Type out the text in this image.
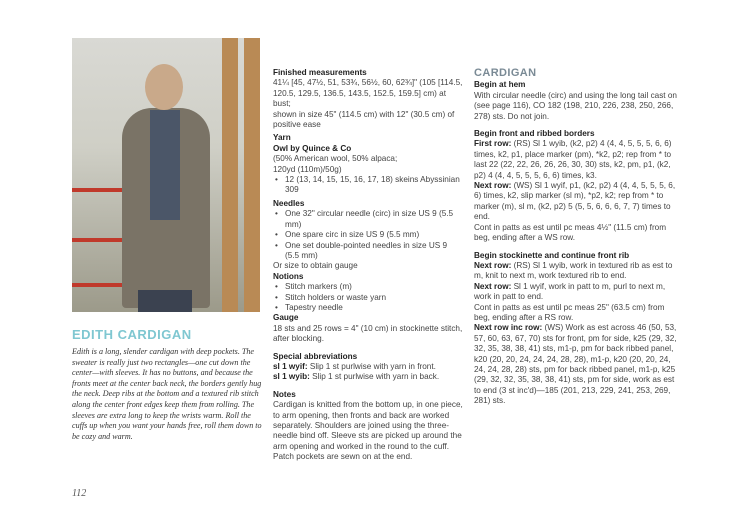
EDITH CARDIGAN

Edith is a long, slender cardigan with deep pockets. The sweater is really just two rectangles—one cut down the center—with sleeves. It has no buttons, and because the fronts meet at the center back neck, the borders gently hug the neck. Deep ribs at the bottom and a textured rib stitch along the center front edges keep them from rolling. The sleeves are extra long to keep the wrists warm. Roll the cuffs up when you want your hands free, roll them down to be cozy and warm.

112

Finished measurements

41¼ [45, 47½, 51, 53¾, 56½, 60, 62¾]" (105 [114.5, 120.5, 129.5, 136.5, 143.5, 152.5, 159.5] cm) at bust;

shown in size 45" (114.5 cm) with 12" (30.5 cm) of positive ease

Yarn

Owl by Quince & Co

(50% American wool, 50% alpaca;

120yd (110m)/50g)

• 12 (13, 14, 15, 15, 16, 17, 18) skeins Abyssinian 309

Needles

• One 32" circular needle (circ) in size US 9 (5.5 mm)
• One spare circ in size US 9 (5.5 mm)
• One set double-pointed needles in size US 9 (5.5 mm)

Or size to obtain gauge

Notions

• Stitch markers (m)
• Stitch holders or waste yarn
• Tapestry needle

Gauge

18 sts and 25 rows = 4" (10 cm) in stockinette stitch, after blocking.

Special abbreviations

sl 1 wyif: Slip 1 st purlwise with yarn in front.

sl 1 wyib: Slip 1 st purlwise with yarn in back.

Notes

Cardigan is knitted from the bottom up, in one piece, to arm opening, then fronts and back are worked separately. Shoulders are joined using the three-needle bind off. Sleeve sts are picked up around the arm opening and worked in the round to the cuff. Patch pockets are sewn on at the end.

CARDIGAN

Begin at hem

With circular needle (circ) and using the long tail cast on (see page 116), CO 182 (198, 210, 226, 238, 250, 266, 278) sts. Do not join.

Begin front and ribbed borders

First row: (RS) Sl 1 wyib, (k2, p2) 4 (4, 4, 5, 5, 5, 6, 6) times, k2, p1, place marker (pm), *k2, p2; rep from * to last 22 (22, 22, 26, 26, 26, 30, 30) sts, k2, pm, p1, (k2, p2) 4 (4, 4, 5, 5, 5, 6, 6) times, k3.

Next row: (WS) Sl 1 wyif, p1, (k2, p2) 4 (4, 4, 5, 5, 5, 6, 6) times, k2, slip marker (sl m), *p2, k2; rep from * to marker (m), sl m, (k2, p2) 5 (5, 5, 6, 6, 6, 7, 7) times to end.

Cont in patts as est until pc meas 4½" (11.5 cm) from beg, ending after a WS row.

Begin stockinette and continue front rib

Next row: (RS) Sl 1 wyib, work in textured rib as est to m, knit to next m, work textured rib to end.

Next row: Sl 1 wyif, work in patt to m, purl to next m, work in patt to end.

Cont in patts as est until pc meas 25" (63.5 cm) from beg, ending after a RS row.

Next row inc row: (WS) Work as est across 46 (50, 53, 57, 60, 63, 67, 70) sts for front, pm for side, k25 (29, 32, 32, 35, 38, 38, 41) sts, m1-p, pm for back ribbed panel, k20 (20, 20, 24, 24, 24, 28, 28), m1-p, k20 (20, 20, 24, 24, 24, 28, 28) sts, pm for back ribbed panel, m1-p, k25 (29, 32, 32, 35, 38, 38, 41) sts, pm for side, work as est to end (3 st inc'd)—185 (201, 213, 229, 241, 253, 269, 281) sts.
